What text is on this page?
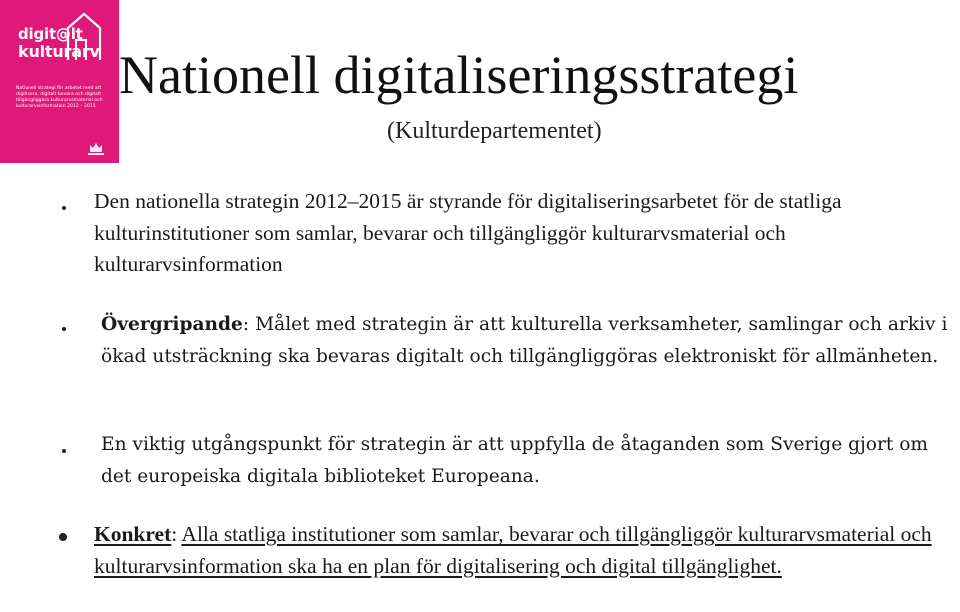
digit@lt
kulturarv
Nationell strategi för arbetet med att digitisera, digitalt bevara och digitalt tillgängliggöra kulturarvsmaterial och kulturarvsinformation 2012 – 2015
Nationell digitaliseringsstrategi
(Kulturdepartementet)
Den nationella strategin 2012–2015 är styrande för digitaliseringsarbetet för de statliga kulturinstitutioner som samlar, bevarar och tillgängliggör kulturarvsmaterial och kulturarvsinformation
Övergripande: Målet med strategin är att kulturella verksamheter, samlingar och arkiv i ökad utsträckning ska bevaras digitalt och tillgängliggöras elektroniskt för allmänheten.
En viktig utgångspunkt för strategin är att uppfylla de åtaganden som Sverige gjort om det europeiska digitala biblioteket Europeana.
Konkret: Alla statliga institutioner som samlar, bevarar och tillgängliggör kulturarvsmaterial och kulturarvsinformation ska ha en plan för digitalisering och digital tillgänglighet.
